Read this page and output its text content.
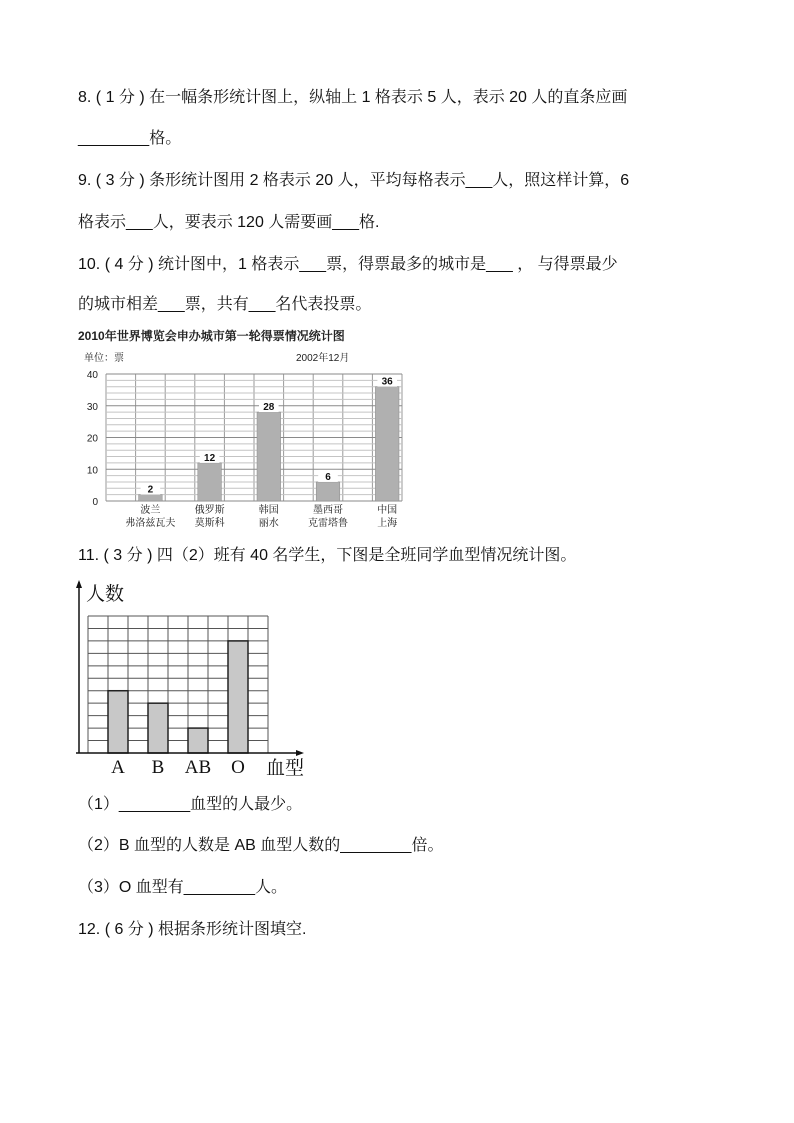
8. ( 1 分 ) 在一幅条形统计图上，纵轴上 1 格表示 5 人，表示 20 人的直条应画
________格。
9. ( 3 分 ) 条形统计图用 2 格表示 20 人，平均每格表示___人，照这样计算，6
格表示___人，要表示 120 人需要画___格.
10. ( 4 分 ) 统计图中，1 格表示___票，得票最多的城市是___ ， 与得票最少
的城市相差___票，共有___名代表投票。
2010年世界博览会申办城市第一轮得票情况统计图
单位：票	2002年12月
0
10
20
30
40
2
波兰
弗洛兹瓦夫
12
俄罗斯
莫斯科
28
韩国
丽水
6
墨西哥
克雷塔鲁
36
中国
上海
11. ( 3 分 ) 四（2）班有 40 名学生，下图是全班同学血型情况统计图。
人数
血型
A B AB O
（1）________血型的人最少。
（2）B 血型的人数是 AB 血型人数的________倍。
（3）O 血型有________人。
12. ( 6 分 ) 根据条形统计图填空.
